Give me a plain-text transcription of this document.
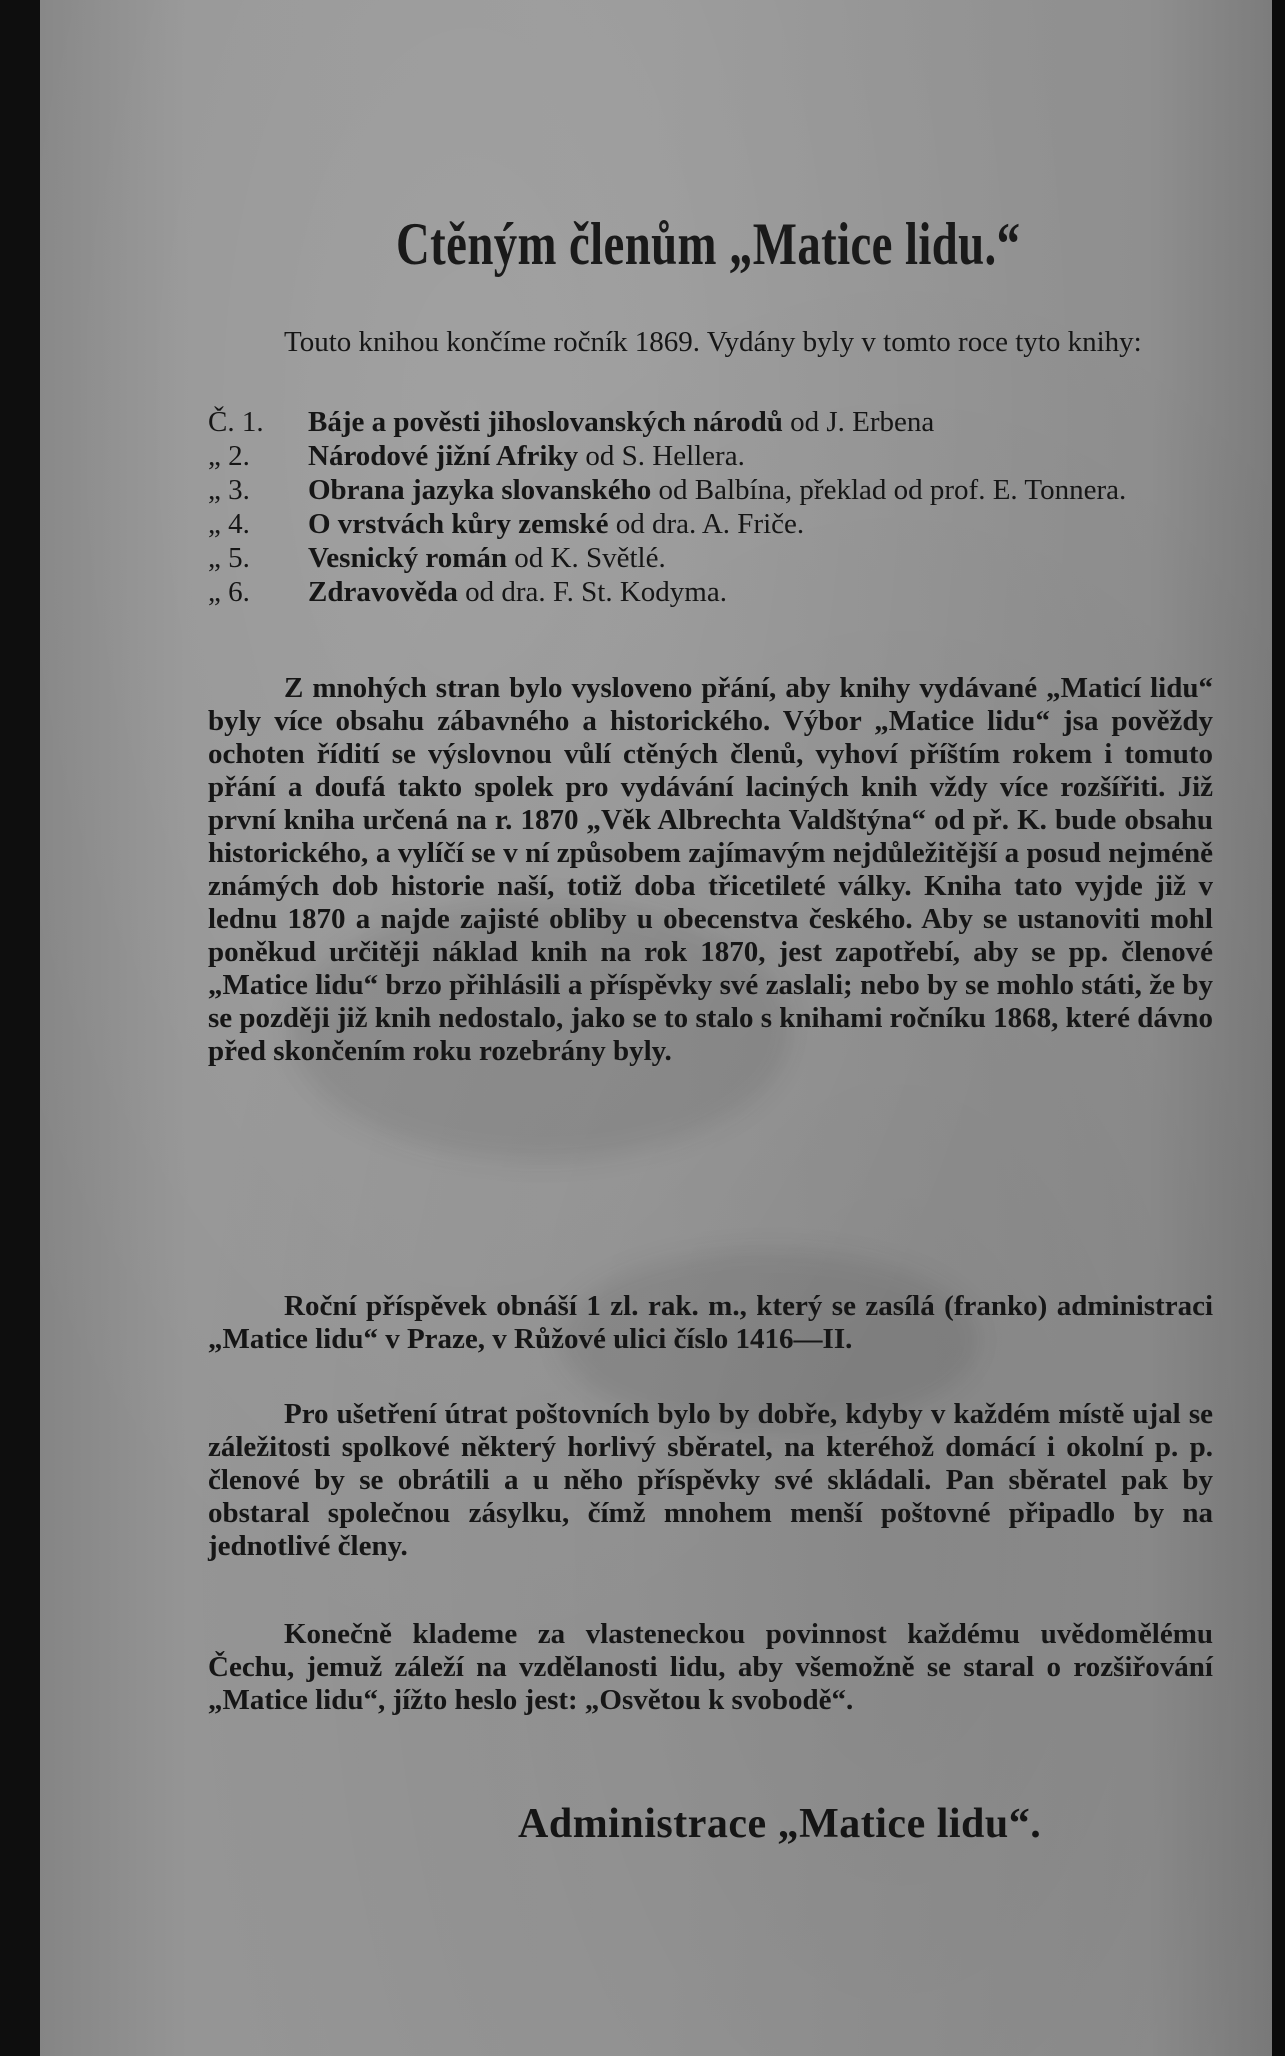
Ctěným členům „Matice lidu.“
Touto knihou končíme ročník 1869. Vydány byly v tomto roce tyto knihy:
Č. 1.	Báje a pověsti jihoslovanských národů od J. Erbena
„ 2.	Národové jižní Afriky od S. Hellera.
„ 3.	Obrana jazyka slovanského od Balbína, překlad od prof. E. Tonnera.
„ 4.	O vrstvách kůry zemské od dra. A. Friče.
„ 5.	Vesnický román od K. Světlé.
„ 6.	Zdravověda od dra. F. St. Kodyma.
Z mnohých stran bylo vysloveno přání, aby knihy vydávané „Maticí lidu“ byly více obsahu zábavného a historického. Výbor „Matice lidu“ jsa pověždy ochoten řídití se výslovnou vůlí ctěných členů, vyhoví příštím rokem i tomuto přání a doufá takto spolek pro vydávání laciných knih vždy více rozšířiti. Již první kniha určená na r. 1870 „Věk Albrechta Valdštýna“ od př. K. bude obsahu historického, a vylíčí se v ní způsobem zajímavým nejdůležitější a posud nejméně známých dob historie naší, totiž doba třicetileté války. Kniha tato vyjde již v lednu 1870 a najde zajisté obliby u obecenstva českého. Aby se ustanoviti mohl poněkud určitěji náklad knih na rok 1870, jest zapotřebí, aby se pp. členové „Matice lidu“ brzo přihlásili a příspěvky své zaslali; nebo by se mohlo státi, že by se později již knih nedostalo, jako se to stalo s knihami ročníku 1868, které dávno před skončením roku rozebrány byly.
Roční příspěvek obnáší 1 zl. rak. m., který se zasílá (franko) administraci „Matice lidu“ v Praze, v Růžové ulici číslo 1416—II.
Pro ušetření útrat poštovních bylo by dobře, kdyby v každém místě ujal se záležitosti spolkové některý horlivý sběratel, na kteréhož domácí i okolní p. p. členové by se obrátili a u něho příspěvky své skládali. Pan sběratel pak by obstaral společnou zásylku, čímž mnohem menší poštovné připadlo by na jednotlivé členy.
Konečně klademe za vlasteneckou povinnost každému uvědomělému Čechu, jemuž záleží na vzdělanosti lidu, aby všemožně se staral o rozšiřování „Matice lidu“, jížto heslo jest: „Osvětou k svobodě“.
Administrace „Matice lidu“.
